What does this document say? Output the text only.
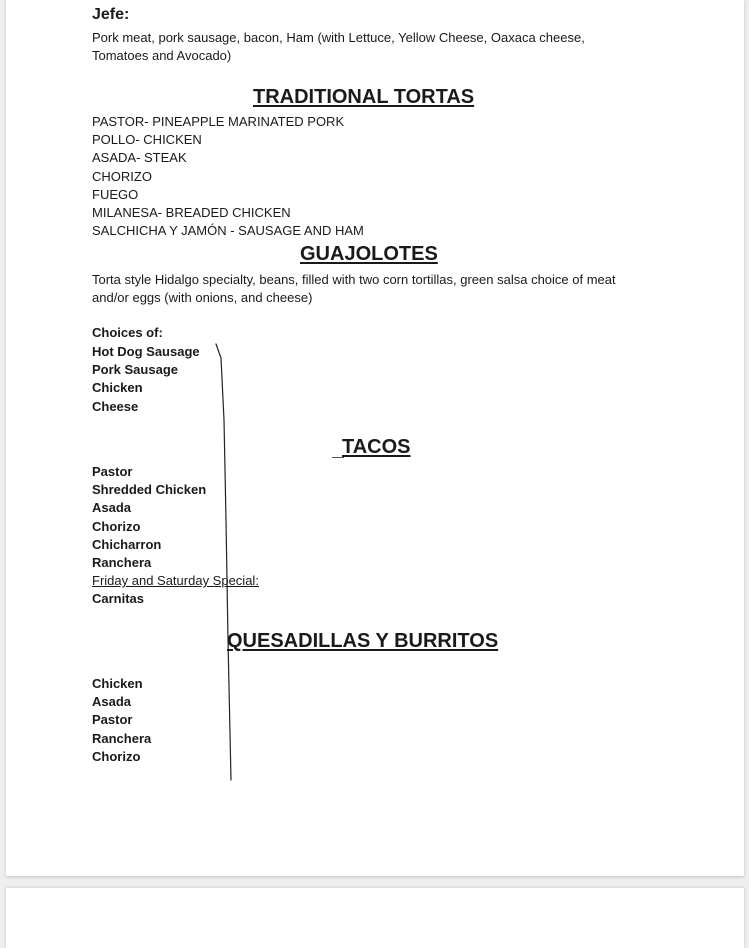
Jefe:
Pork meat, pork sausage, bacon, Ham (with Lettuce, Yellow Cheese, Oaxaca cheese, Tomatoes and Avocado)
TRADITIONAL TORTAS
PASTOR- PINEAPPLE MARINATED PORK
POLLO- CHICKEN
ASADA- STEAK
CHORIZO
FUEGO
MILANESA- BREADED CHICKEN
SALCHICHA Y JAMÓN - SAUSAGE AND HAM
GUAJOLOTES
Torta style Hidalgo specialty, beans, filled with two corn tortillas, green salsa choice of meat and/or eggs (with onions, and cheese)
Choices of:
Hot Dog Sausage
Pork Sausage
Chicken
Cheese
TACOS
Pastor
Shredded Chicken
Asada
Chorizo
Chicharron
Ranchera
Friday and Saturday Special:
Carnitas
QUESADILLAS Y BURRITOS
Chicken
Asada
Pastor
Ranchera
Chorizo
